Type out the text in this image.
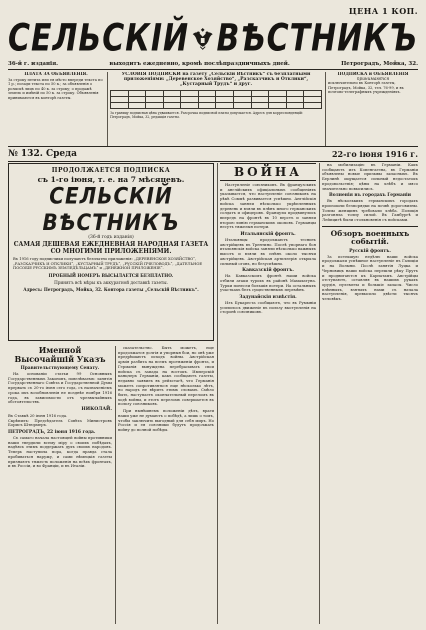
ЦЕНА 1 КОП.
СЕЛЬСКІЙ ВѢСТНИКЪ
36-й г. изданія.	выходитъ ежедневно, кромѣ послѣпраздничныхъ дней.	Петроградъ, Мойка, 32.
ПЛАТА ЗА ОБЪЯВЛЕНІЯ.
За строку петита или ея мѣсто впереди текста по 1 р.; позади текста по 50 к.; за объявленія о розыскѣ лицъ по 40 к. за строку; о продажѣ земель и имѣній по 50 к. за строку. Объявленія принимаются въ конторѣ газеты.
УСЛОВІЯ ПОДПИСКИ на газету „Сельскій Вѣстникъ“ съ безплатными приложеніями: „Деревенское Хозяйство“, „Разсказчикъ и Отклики“, „Кустарный Трудъ“ и друг.

За границу подписная цѣна удваивается. Разсрочка подписной платы допускается. Адресъ для корреспонденцій: Петроградъ, Мойка, 32, редакція газеты.
ПОДПИСКА и ОБЪЯВЛЕНІЯ
принимаются
исключительно въ Конторѣ газеты, Петроградъ, Мойка, 32, тел. 76-99, и въ почтово-телеграфныхъ учрежденіяхъ.
№ 132. Среда	22-го іюня 1916 г.
ПРОДОЛЖАЕТСЯ ПОДПИСКА
съ 1-го іюня, т. е. на 7 мѣсяцевъ.
СЕЛЬСКІЙ ВѢСТНИКЪ
(36-й годъ изданія)
САМАЯ ДЕШЕВАЯ ЕЖЕДНЕВНАЯ НАРОДНАЯ ГАЗЕТА СО МНОГИМИ ПРИЛОЖЕНІЯМИ.
Въ 1916 году подписчики получаютъ безплатно приложенія: „ДЕРЕВЕНСКОЕ ХОЗЯЙСТВО“, „РАЗСКАЗЧИКЪ И ОТКЛИКИ“, „КУСТАРНЫЙ ТРУДЪ“, „РУССКІЙ ПЧЕЛОВОДЪ“, „ДАТЕЛЬНОЕ ПОСОБІЕ РУССКИМЪ ЗЕМЛЕДѢЛЬЦАМЪ“ и „ДЕНЕЖНОЙ ПРИЛОЖЕНІЕ“.
ПРОБНЫЙ НОМЕРЪ ВЫСЫЛАЕТСЯ БЕЗПЛАТНО.
Принятъ всѣ мѣры къ аккуратной доставкѣ газеты.
Адресъ: Петроградъ, Мойка, 32. Контора газеты „Сельскій Вѣстникъ“.
Именной Высочайшій Указъ
Правительствующему Сенату.
На основаніи статьи 99 Основныхъ Государственныхъ Законовъ, повелѣваемъ: занятія Государственнаго Совѣта и Государственной Думы прервать съ 20-го іюня сего года, съ назначеніемъ срока ихъ возобновленія не позднѣе ноября 1916 года, въ зависимости отъ чрезвычайныхъ обстоятельствъ.
НИКОЛАЙ.
Въ Ставкѣ 20 іюня 1916 года.
Скрѣпилъ: Предсѣдатель Совѣта Министровъ Борисъ Штюрмеръ.
ПЕТРОГРАДЪ, 22 іюня 1916 года.
Съ самаго начала настоящей войны противники наши твердили всему міру о своихъ побѣдахъ, надѣясь этимъ поддержать духъ своихъ народовъ. Теперь наступила пора, когда правда стала пробиваться наружу, и сами нѣмецкія газеты признаютъ тяжесть положенія на всѣхъ фронтахъ, и въ Россіи, и во Франціи, и въ Италіи.
сказательство. Быть можетъ, еще продолжатся долгія и упорныя бои, но онѣ уже предрѣшаютъ исходъ войны. Австрійская армія разбита на всемъ протяженіи фронта, и Германія вынуждена перебрасывать свои войска съ запада на востокъ. Имперскій канцлеръ Германіи, какъ сообщаютъ газеты, недавно заявилъ въ рейхстагѣ, что Германія можетъ сопротивляться еще нѣсколько лѣтъ, но народъ не вѣритъ этимъ словамъ. Смѣло быть, наступаетъ окончательный переломъ въ ходѣ войны, и этотъ переломъ совершается въ пользу союзниковъ.
При нынѣшнемъ положеніи дѣлъ, враги наши уже не думаютъ о побѣдѣ, а лишь о томъ, чтобы заключить выгодный для себя миръ. Но Россія и ея союзники будутъ продолжать войну до полной побѣды.
ВОЙНА
Наступленіе союзниковъ. Въ французскихъ и англійскихъ офиціальныхъ сообщеніяхъ указывается, что наступленіе союзниковъ на рѣкѣ Соммѣ развивается успѣшно. Англійскія войска заняли нѣсколько укрѣпленныхъ деревень и взяли въ плѣнъ много германскихъ солдатъ и офицеровъ. Французы продвинулись впередъ на фронтѣ въ 10 верстъ и заняли второю линію германскихъ окоповъ. Германцы несутъ тяжелыя потери.
Итальянскій фронтъ.
Итальянцы продолжаютъ теснить австрійцевъ въ Трентино. Послѣ упорнаго боя итальянскія войска заняли нѣсколько важныхъ высотъ и взяли въ плѣнъ около тысячи австрійцевъ. Австрійская артиллерія открыла сильный огонь, но безуспѣшно.
Кавказскій фронтъ.
На Кавказскомъ фронтѣ наши войска отбили атаки турокъ въ районѣ Мамахатуна. Турки понесли большія потери. На остальныхъ участкахъ безъ существенныхъ перемѣнъ.
Задунайскія извѣстія.
Изъ Букареста сообщаютъ, что въ Румыніи усилилось движеніе въ пользу выступленія на сторонѣ союзниковъ.
на мобилизацію въ Германіи. Какъ сообщаютъ изъ Копенгагена, въ Германіи объявлены новые призывы запасныхъ. Въ Берлинѣ ощущается сильный недостатокъ продовольствія; цѣны на хлѣбъ и мясо значительно повысились.
Волненія въ городахъ Германіи
Въ нѣсколькихъ германскихъ городахъ произошли безпорядки на почвѣ дороговизны. Толпы женщинъ требовали хлѣба. Полиція разгоняла толпу силой. Въ Гамбургѣ и Лейпцигѣ были столкновенія съ войсками.
Обзоръ военныхъ событій.
Русскій фронтъ.
За истекшую недѣлю наши войска продолжали успѣшное наступленіе въ Галиціи и на Волыни. Послѣ занятія Луцка и Черновицъ наши войска перешли рѣку Прутъ и продвигаются къ Карпатамъ. Австрійцы отступаютъ, оставляя въ нашихъ рукахъ орудія, пулеметы и большіе запасы. Число плѣнныхъ, взятыхъ нами съ начала наступленія, превысило двѣсти тысячъ человѣкъ.
